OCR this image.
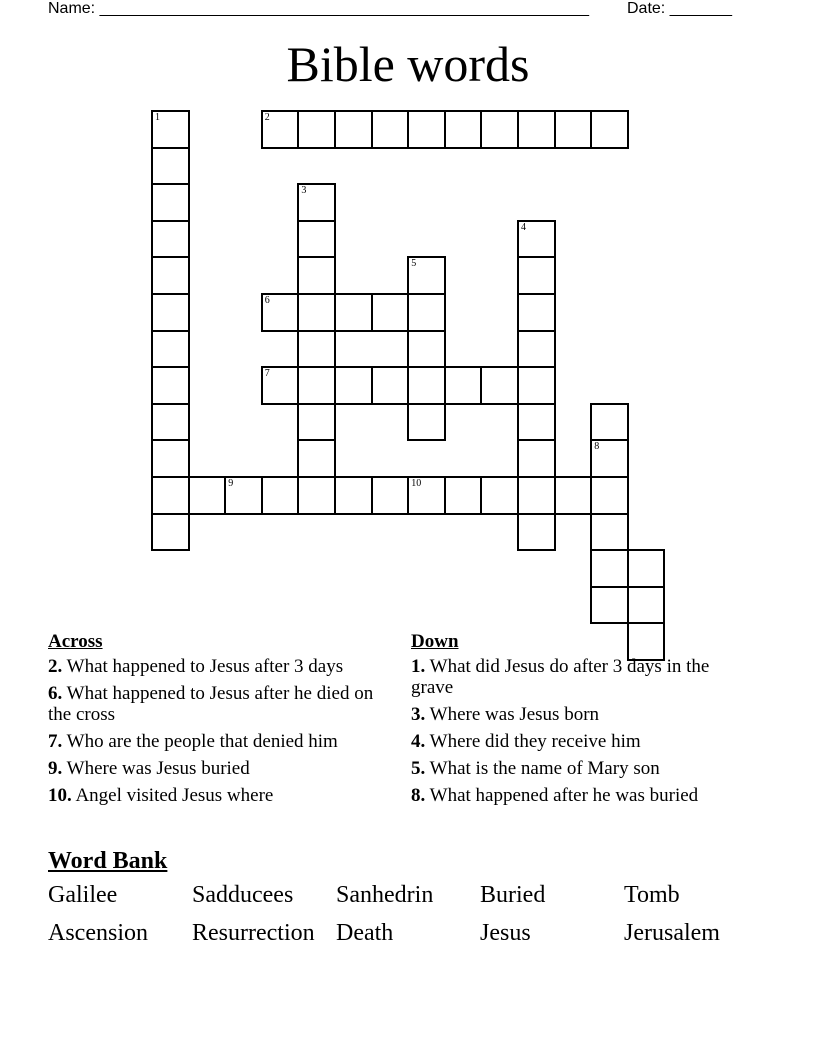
Name: _______________________________________________________ Date: _______
Bible words
1	2
3
4
5
6
7
8
9	10
Across
2. What happened to Jesus after 3 days
6. What happened to Jesus after he died on the cross
7. Who are the people that denied him
9. Where was Jesus buried
10. Angel visited Jesus where
Down
1. What did Jesus do after 3 days in the grave
3. Where was Jesus born
4. Where did they receive him
5. What is the name of Mary son
8. What happened after he was buried
Word Bank
Galilee	Sadducees	Sanhedrin	Buried	Tomb
Ascension	Resurrection Death	Jesus	Jerusalem
